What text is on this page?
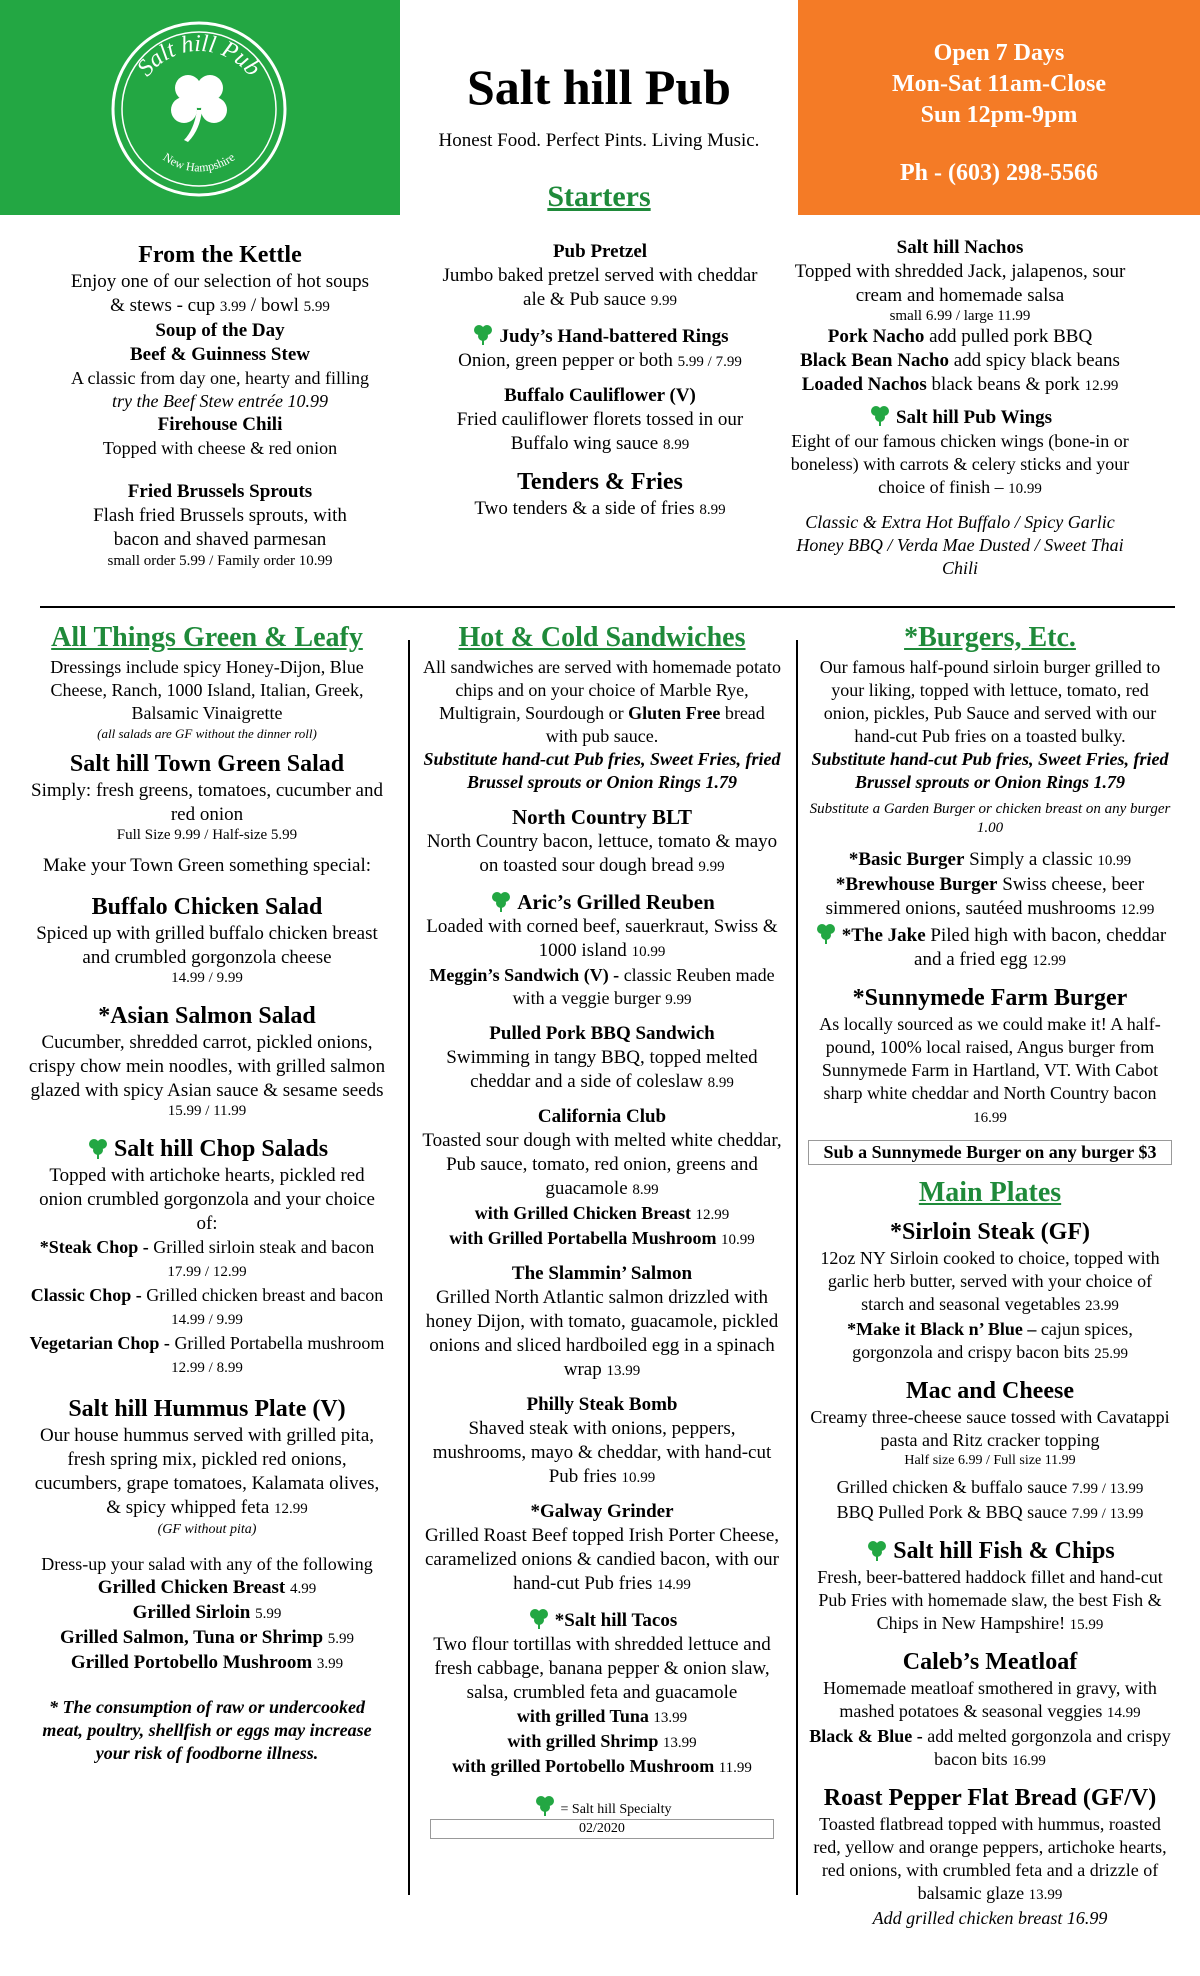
Salt hill Pub
New Hampshire
Salt hill Pub
Honest Food. Perfect Pints. Living Music.
Starters
Open 7 Days
Mon-Sat 11am-Close
Sun 12pm-9pm
Ph - (603) 298-5566
From the Kettle
Enjoy one of our selection of hot soups & stews - cup 3.99 / bowl 5.99
Soup of the Day
Beef & Guinness Stew
A classic from day one, hearty and filling
try the Beef Stew entrée 10.99
Firehouse Chili
Topped with cheese & red onion
Fried Brussels Sprouts
Flash fried Brussels sprouts, with bacon and shaved parmesan
small order 5.99 / Family order 10.99
Pub Pretzel
Jumbo baked pretzel served with cheddar ale & Pub sauce 9.99
Judy’s Hand-battered Rings
Onion, green pepper or both 5.99 / 7.99
Buffalo Cauliflower (V)
Fried cauliflower florets tossed in our Buffalo wing sauce 8.99
Tenders & Fries
Two tenders & a side of fries 8.99
Salt hill Nachos
Topped with shredded Jack, jalapenos, sour cream and homemade salsa
small 6.99 / large 11.99
Pork Nacho add pulled pork BBQ
Black Bean Nacho add spicy black beans
Loaded Nachos black beans & pork 12.99
Salt hill Pub Wings
Eight of our famous chicken wings (bone-in or boneless) with carrots & celery sticks and your choice of finish – 10.99
Classic & Extra Hot Buffalo / Spicy Garlic Honey BBQ / Verda Mae Dusted / Sweet Thai Chili
All Things Green & Leafy
Dressings include spicy Honey-Dijon, Blue Cheese, Ranch, 1000 Island, Italian, Greek, Balsamic Vinaigrette
(all salads are GF without the dinner roll)
Salt hill Town Green Salad
Simply: fresh greens, tomatoes, cucumber and red onion
Full Size 9.99 / Half-size 5.99
Make your Town Green something special:
Buffalo Chicken Salad
Spiced up with grilled buffalo chicken breast and crumbled gorgonzola cheese
14.99 / 9.99
*Asian Salmon Salad
Cucumber, shredded carrot, pickled onions, crispy chow mein noodles, with grilled salmon glazed with spicy Asian sauce & sesame seeds
15.99 / 11.99
Salt hill Chop Salads
Topped with artichoke hearts, pickled red onion crumbled gorgonzola and your choice of:
*Steak Chop - Grilled sirloin steak and bacon 17.99 / 12.99
Classic Chop - Grilled chicken breast and bacon 14.99 / 9.99
Vegetarian Chop - Grilled Portabella mushroom 12.99 / 8.99
Salt hill Hummus Plate (V)
Our house hummus served with grilled pita, fresh spring mix, pickled red onions, cucumbers, grape tomatoes, Kalamata olives, & spicy whipped feta 12.99
(GF without pita)
Dress-up your salad with any of the following
Grilled Chicken Breast 4.99
Grilled Sirloin 5.99
Grilled Salmon, Tuna or Shrimp 5.99
Grilled Portobello Mushroom 3.99
* The consumption of raw or undercooked meat, poultry, shellfish or eggs may increase your risk of foodborne illness.
Hot & Cold Sandwiches
All sandwiches are served with homemade potato chips and on your choice of Marble Rye, Multigrain, Sourdough or Gluten Free bread with pub sauce.
Substitute hand-cut Pub fries, Sweet Fries, fried Brussel sprouts or Onion Rings 1.79
North Country BLT
North Country bacon, lettuce, tomato & mayo on toasted sour dough bread 9.99
Aric’s Grilled Reuben
Loaded with corned beef, sauerkraut, Swiss & 1000 island 10.99
Meggin’s Sandwich (V) - classic Reuben made with a veggie burger 9.99
Pulled Pork BBQ Sandwich
Swimming in tangy BBQ, topped melted cheddar and a side of coleslaw 8.99
California Club
Toasted sour dough with melted white cheddar, Pub sauce, tomato, red onion, greens and guacamole 8.99
with Grilled Chicken Breast 12.99
with Grilled Portabella Mushroom 10.99
The Slammin’ Salmon
Grilled North Atlantic salmon drizzled with honey Dijon, with tomato, guacamole, pickled onions and sliced hardboiled egg in a spinach wrap 13.99
Philly Steak Bomb
Shaved steak with onions, peppers, mushrooms, mayo & cheddar, with hand-cut Pub fries 10.99
*Galway Grinder
Grilled Roast Beef topped Irish Porter Cheese, caramelized onions & candied bacon, with our hand-cut Pub fries 14.99
*Salt hill Tacos
Two flour tortillas with shredded lettuce and fresh cabbage, banana pepper & onion slaw, salsa, crumbled feta and guacamole
with grilled Tuna 13.99
with grilled Shrimp 13.99
with grilled Portobello Mushroom 11.99
= Salt hill Specialty
02/2020
*Burgers, Etc.
Our famous half-pound sirloin burger grilled to your liking, topped with lettuce, tomato, red onion, pickles, Pub Sauce and served with our hand-cut Pub fries on a toasted bulky.
Substitute hand-cut Pub fries, Sweet Fries, fried Brussel sprouts or Onion Rings 1.79
Substitute a Garden Burger or chicken breast on any burger 1.00
*Basic Burger Simply a classic 10.99
*Brewhouse Burger Swiss cheese, beer simmered onions, sautéed mushrooms 12.99
*The Jake Piled high with bacon, cheddar and a fried egg 12.99
*Sunnymede Farm Burger
As locally sourced as we could make it! A half-pound, 100% local raised, Angus burger from Sunnymede Farm in Hartland, VT. With Cabot sharp white cheddar and North Country bacon 16.99
Sub a Sunnymede Burger on any burger $3
Main Plates
*Sirloin Steak (GF)
12oz NY Sirloin cooked to choice, topped with garlic herb butter, served with your choice of starch and seasonal vegetables 23.99
*Make it Black n’ Blue – cajun spices, gorgonzola and crispy bacon bits 25.99
Mac and Cheese
Creamy three-cheese sauce tossed with Cavatappi pasta and Ritz cracker topping
Half size 6.99 / Full size 11.99
Grilled chicken & buffalo sauce 7.99 / 13.99
BBQ Pulled Pork & BBQ sauce 7.99 / 13.99
Salt hill Fish & Chips
Fresh, beer-battered haddock fillet and hand-cut Pub Fries with homemade slaw, the best Fish & Chips in New Hampshire! 15.99
Caleb’s Meatloaf
Homemade meatloaf smothered in gravy, with mashed potatoes & seasonal veggies 14.99
Black & Blue - add melted gorgonzola and crispy bacon bits 16.99
Roast Pepper Flat Bread (GF/V)
Toasted flatbread topped with hummus, roasted red, yellow and orange peppers, artichoke hearts, red onions, with crumbled feta and a drizzle of balsamic glaze 13.99
Add grilled chicken breast 16.99
